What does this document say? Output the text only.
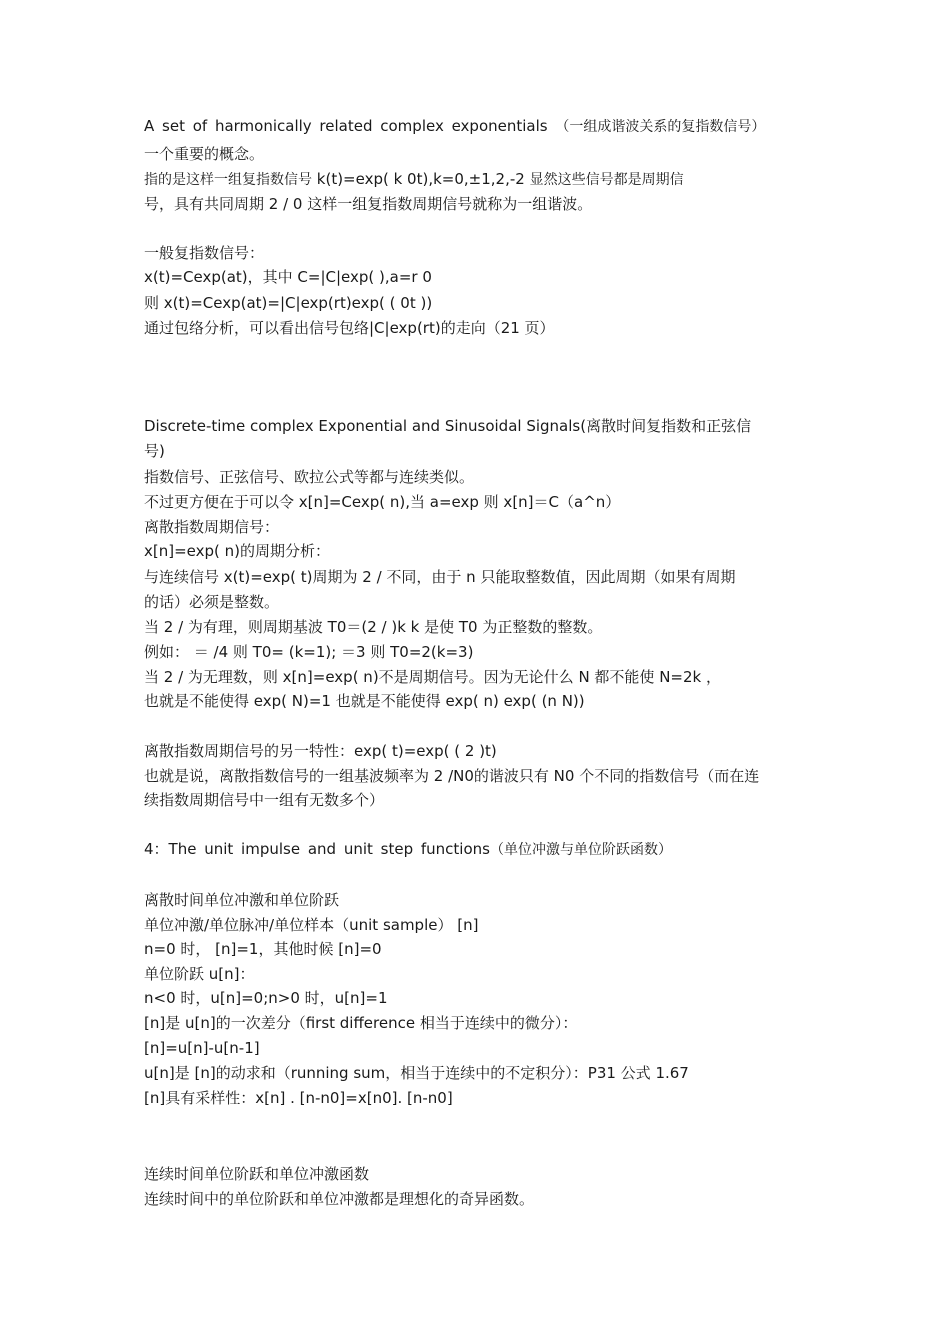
A set of harmonically related complex exponentials （一组成谐波关系的复指数信号）

一个重要的概念。

指的是这样一组复指数信号 k(t)=exp( k 0t),k=0,±1,2,-2 显然这些信号都是周期信

号，具有共同周期 2 / 0 这样一组复指数周期信号就称为一组谐波。

一般复指数信号：

x(t)=Cexp(at)，其中 C=|C|exp( ),a=r 0

则 x(t)=Cexp(at)=|C|exp(rt)exp( ( 0t ))

通过包络分析，可以看出信号包络|C|exp(rt)的走向（21 页）

Discrete-time complex Exponential and Sinusoidal Signals(离散时间复指数和正弦信

号)

指数信号、正弦信号、欧拉公式等都与连续类似。

不过更方便在于可以令 x[n]=Cexp( n),当 a=exp 则 x[n]＝C（a^n）

离散指数周期信号：

x[n]=exp( n)的周期分析：

与连续信号 x(t)=exp( t)周期为 2 / 不同，由于 n 只能取整数值，因此周期（如果有周期

的话）必须是整数。

当 2 / 为有理，则周期基波 T0＝(2 / )k k 是使 T0 为正整数的整数。

例如： ＝ /4 则 T0= (k=1); ＝3 则 T0=2(k=3)

当 2 / 为无理数，则 x[n]=exp( n)不是周期信号。因为无论什么 N 都不能使 N=2k ，

也就是不能使得 exp( N)=1 也就是不能使得 exp( n) exp( (n N))

离散指数周期信号的另一特性：exp( t)=exp( ( 2 )t)

也就是说，离散指数信号的一组基波频率为 2 /N0的谐波只有 N0 个不同的指数信号（而在连

续指数周期信号中一组有无数多个）

4：The unit impulse and unit step functions（单位冲激与单位阶跃函数）

离散时间单位冲激和单位阶跃

单位冲激/单位脉冲/单位样本（unit sample） [n]

n=0 时， [n]=1，其他时候 [n]=0

单位阶跃 u[n]：

n<0 时，u[n]=0;n>0 时，u[n]=1

[n]是 u[n]的一次差分（first difference 相当于连续中的微分）：

[n]=u[n]-u[n-1]

u[n]是 [n]的动求和（running sum，相当于连续中的不定积分）：P31 公式 1.67

[n]具有采样性：x[n] . [n-n0]=x[n0]. [n-n0]

连续时间单位阶跃和单位冲激函数

连续时间中的单位阶跃和单位冲激都是理想化的奇异函数。
